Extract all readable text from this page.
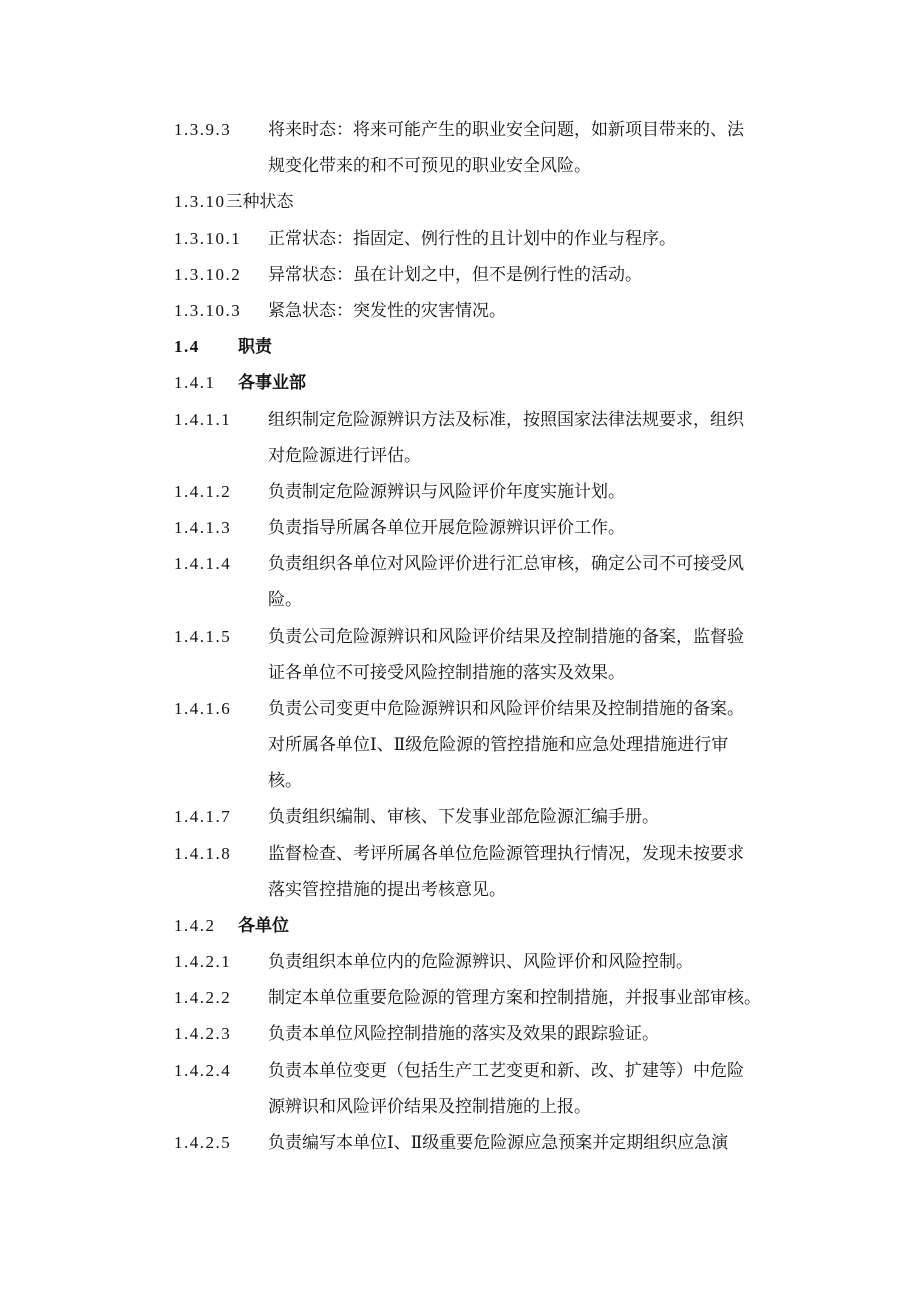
1.3.9.3 将来时态：将来可能产生的职业安全问题，如新项目带来的、法
规变化带来的和不可预见的职业安全风险。
1.3.10三种状态
1.3.10.1 正常状态：指固定、例行性的且计划中的作业与程序。
1.3.10.2 异常状态：虽在计划之中，但不是例行性的活动。
1.3.10.3 紧急状态：突发性的灾害情况。
1.4 职责
1.4.1 各事业部
1.4.1.1 组织制定危险源辨识方法及标准，按照国家法律法规要求，组织
对危险源进行评估。
1.4.1.2 负责制定危险源辨识与风险评价年度实施计划。
1.4.1.3 负责指导所属各单位开展危险源辨识评价工作。
1.4.1.4 负责组织各单位对风险评价进行汇总审核，确定公司不可接受风
险。
1.4.1.5 负责公司危险源辨识和风险评价结果及控制措施的备案，监督验
证各单位不可接受风险控制措施的落实及效果。
1.4.1.6 负责公司变更中危险源辨识和风险评价结果及控制措施的备案。
对所属各单位Ⅰ、Ⅱ级危险源的管控措施和应急处理措施进行审
核。
1.4.1.7 负责组织编制、审核、下发事业部危险源汇编手册。
1.4.1.8 监督检查、考评所属各单位危险源管理执行情况，发现未按要求
落实管控措施的提出考核意见。
1.4.2 各单位
1.4.2.1 负责组织本单位内的危险源辨识、风险评价和风险控制。
1.4.2.2 制定本单位重要危险源的管理方案和控制措施，并报事业部审核。
1.4.2.3 负责本单位风险控制措施的落实及效果的跟踪验证。
1.4.2.4 负责本单位变更（包括生产工艺变更和新、改、扩建等）中危险
源辨识和风险评价结果及控制措施的上报。
1.4.2.5 负责编写本单位Ⅰ、Ⅱ级重要危险源应急预案并定期组织应急演
